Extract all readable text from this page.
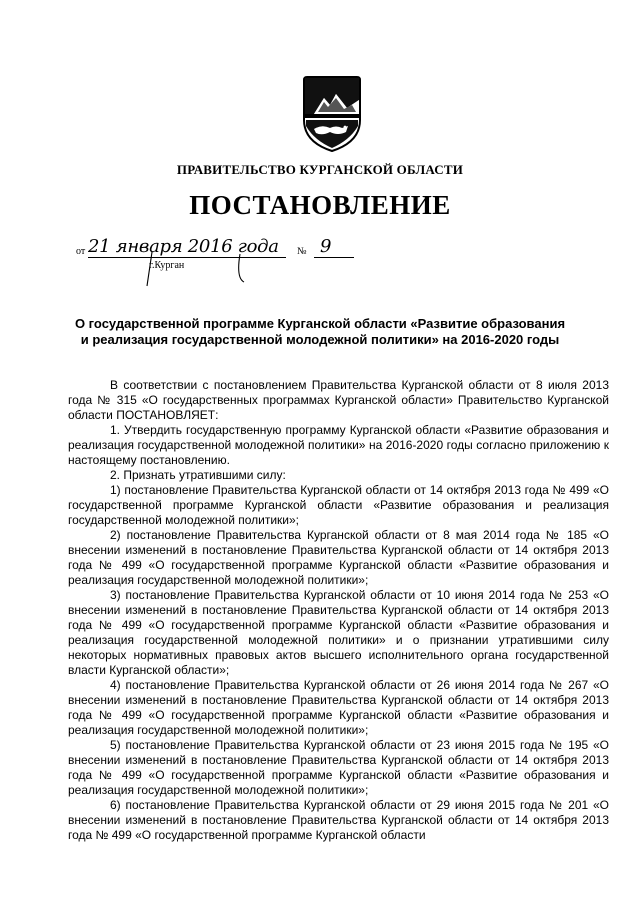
ПРАВИТЕЛЬСТВО КУРГАНСКОЙ ОБЛАСТИ
ПОСТАНОВЛЕНИЕ
от 21 января 2016 года № 9
г.Курган
О государственной программе Курганской области «Развитие образования
и реализация государственной молодежной политики» на 2016-2020 годы

В соответствии с постановлением Правительства Курганской области от 8 июля 2013 года № 315 «О государственных программах Курганской области» Правительство Курганской области ПОСТАНОВЛЯЕТ:

1. Утвердить государственную программу Курганской области «Развитие образования и реализация государственной молодежной политики» на 2016-2020 годы согласно приложению к настоящему постановлению.

2. Признать утратившими силу:

1) постановление Правительства Курганской области от 14 октября 2013 года № 499 «О государственной программе Курганской области «Развитие образования и реализация государственной молодежной политики»;

2) постановление Правительства Курганской области от 8 мая 2014 года № 185 «О внесении изменений в постановление Правительства Курганской области от 14 октября 2013 года № 499 «О государственной программе Курганской области «Развитие образования и реализация государственной молодежной политики»;

3) постановление Правительства Курганской области от 10 июня 2014 года № 253 «О внесении изменений в постановление Правительства Курганской области от 14 октября 2013 года № 499 «О государственной программе Курганской области «Развитие образования и реализация государственной молодежной политики» и о признании утратившими силу некоторых нормативных правовых актов высшего исполнительного органа государственной власти Курганской области»;

4) постановление Правительства Курганской области от 26 июня 2014 года № 267 «О внесении изменений в постановление Правительства Курганской области от 14 октября 2013 года № 499 «О государственной программе Курганской области «Развитие образования и реализация государственной молодежной политики»;

5) постановление Правительства Курганской области от 23 июня 2015 года № 195 «О внесении изменений в постановление Правительства Курганской области от 14 октября 2013 года № 499 «О государственной программе Курганской области «Развитие образования и реализация государственной молодежной политики»;

6) постановление Правительства Курганской области от 29 июня 2015 года № 201 «О внесении изменений в постановление Правительства Курганской области от 14 октября 2013 года № 499 «О государственной программе Курганской области
